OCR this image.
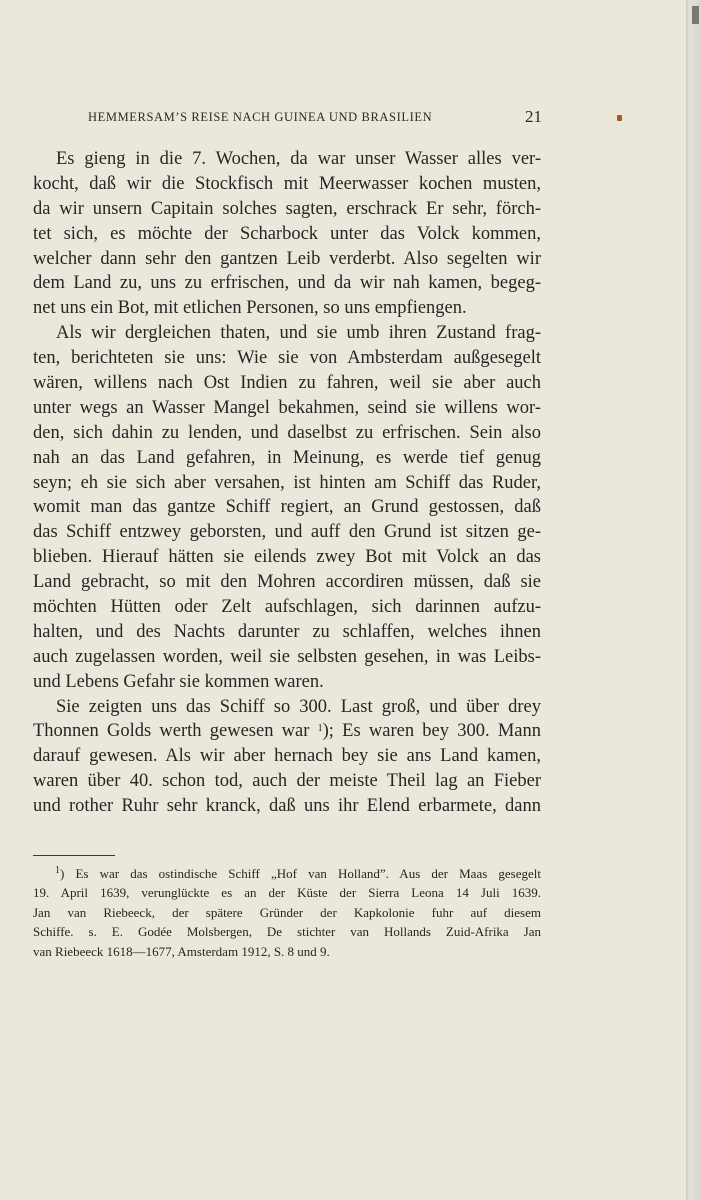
HEMMERSAM’S REISE NACH GUINEA UND BRASILIEN	21
Es gieng in die 7. Wochen, da war unser Wasser alles ver-
kocht, daß wir die Stockfisch mit Meerwasser kochen musten,
da wir unsern Capitain solches sagten, erschrack Er sehr, förch-
tet sich, es möchte der Scharbock unter das Volck kommen,
welcher dann sehr den gantzen Leib verderbt. Also segelten wir
dem Land zu, uns zu erfrischen, und da wir nah kamen, begeg-
net uns ein Bot, mit etlichen Personen, so uns empfiengen.
Als wir dergleichen thaten, und sie umb ihren Zustand frag-
ten, berichteten sie uns: Wie sie von Ambsterdam außgesegelt
wären, willens nach Ost Indien zu fahren, weil sie aber auch
unter wegs an Wasser Mangel bekahmen, seind sie willens wor-
den, sich dahin zu lenden, und daselbst zu erfrischen. Sein also
nah an das Land gefahren, in Meinung, es werde tief genug
seyn; eh sie sich aber versahen, ist hinten am Schiff das Ruder,
womit man das gantze Schiff regiert, an Grund gestossen, daß
das Schiff entzwey geborsten, und auff den Grund ist sitzen ge-
blieben. Hierauf hätten sie eilends zwey Bot mit Volck an das
Land gebracht, so mit den Mohren accordiren müssen, daß sie
möchten Hütten oder Zelt aufschlagen, sich darinnen aufzu-
halten, und des Nachts darunter zu schlaffen, welches ihnen
auch zugelassen worden, weil sie selbsten gesehen, in was Leibs-
und Lebens Gefahr sie kommen waren.
Sie zeigten uns das Schiff so 300. Last groß, und über drey
Thonnen Golds werth gewesen war $^1$); Es waren bey 300. Mann
darauf gewesen. Als wir aber hernach bey sie ans Land kamen,
waren über 40. schon tod, auch der meiste Theil lag an Fieber
und rother Ruhr sehr kranck, daß uns ihr Elend erbarmete, dann
$^1$) Es war das ostindische Schiff „Hof van Holland”. Aus der Maas gesegelt
19. April 1639, verunglückte es an der Küste der Sierra Leona 14 Juli 1639.
Jan van Riebeeck, der spätere Gründer der Kapkolonie fuhr auf diesem
Schiffe. s. E. Godée Molsbergen, De stichter van Hollands Zuid-Afrika Jan
van Riebeeck 1618—1677, Amsterdam 1912, S. 8 und 9.
